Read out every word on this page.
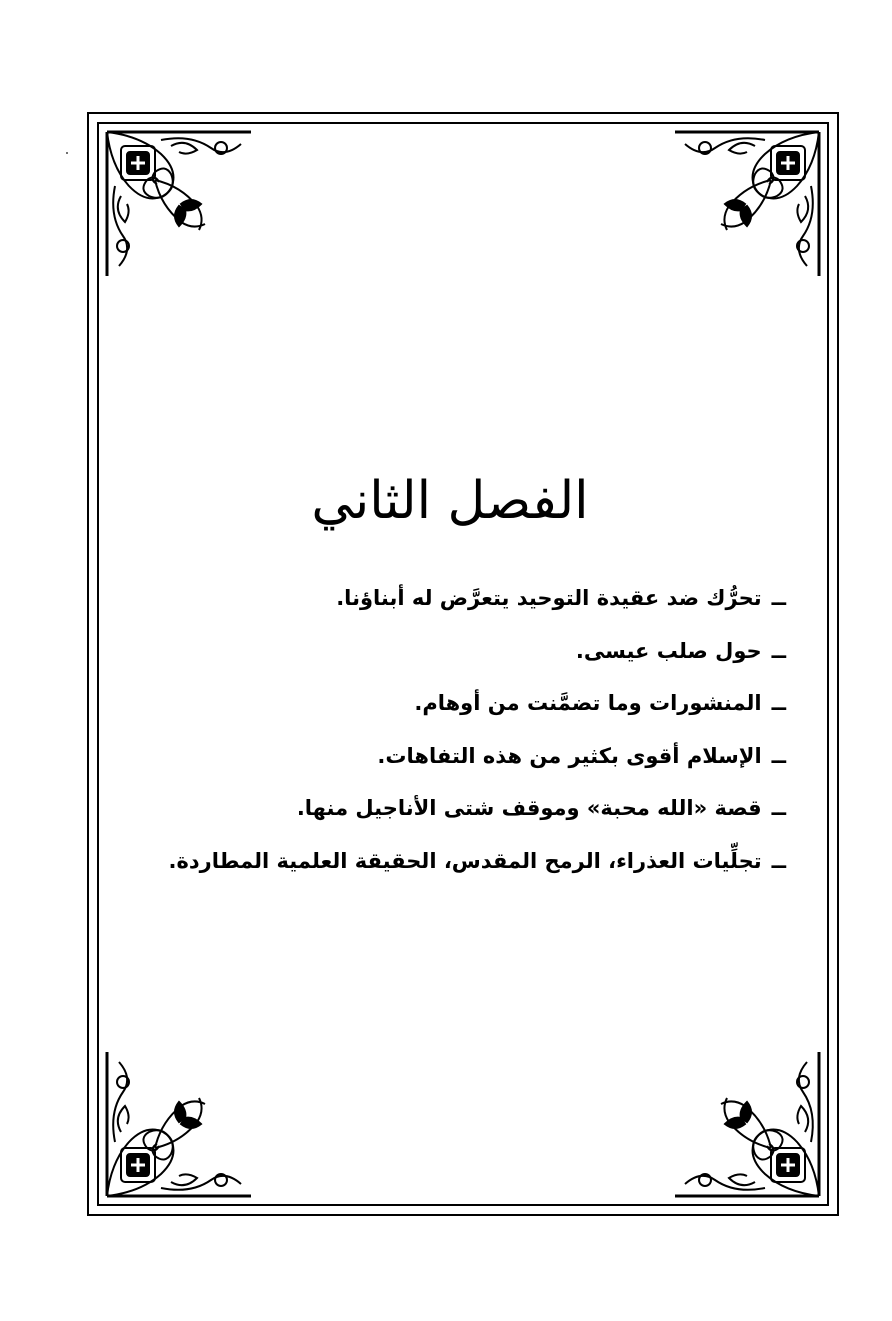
الفصل الثاني
ــتحرُّك ضد عقيدة التوحيد يتعرَّض له أبناؤنا.
ــحول صلب عيسى.
ــالمنشورات وما تضمَّنت من أوهام.
ــالإسلام أقوى بكثير من هذه التفاهات.
ــقصة «الله محبة» وموقف شتى الأناجيل منها.
ــتجلِّيات العذراء، الرمح المقدس، الحقيقة العلمية المطاردة.
